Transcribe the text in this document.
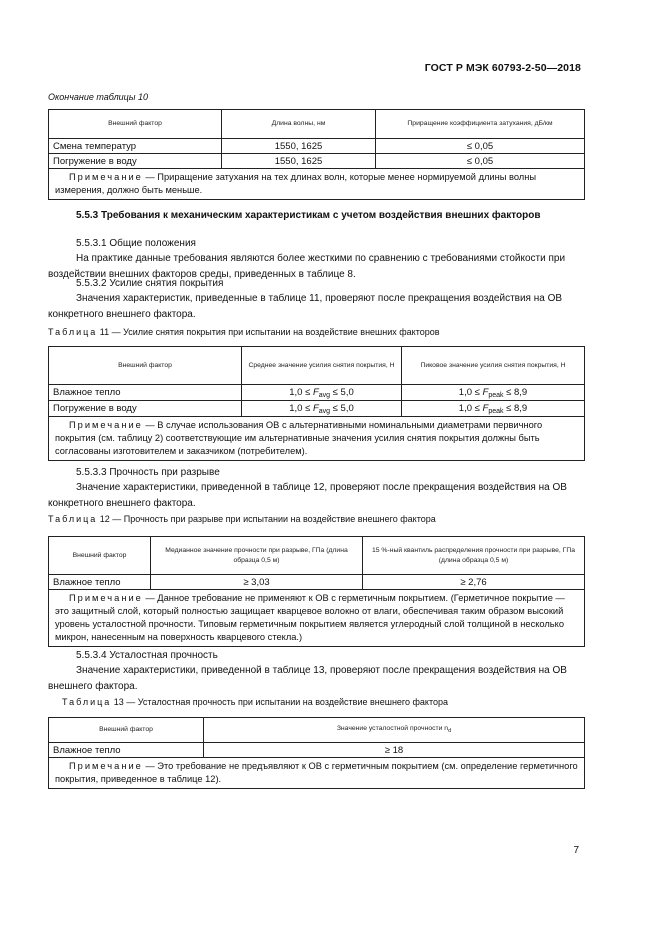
ГОСТ Р МЭК 60793-2-50—2018
Окончание таблицы 10
Внешний фактор	Длина волны, нм	Приращение коэффициента затухания, дБ/км
Смена температур	1550, 1625	≤ 0,05
Погружение в воду	1550, 1625	≤ 0,05
Примечание — Приращение затухания на тех длинах волн, которые менее нормируемой длины волны измерения, должно быть меньше.		
5.5.3 Требования к механическим характеристикам с учетом воздействия внешних факторов
5.5.3.1 Общие положения
На практике данные требования являются более жесткими по сравнению с требованиями стойкости при воздействии внешних факторов среды, приведенных в таблице 8.
5.5.3.2 Усилие снятия покрытия
Значения характеристик, приведенные в таблице 11, проверяют после прекращения воздействия на ОВ конкретного внешнего фактора.
Таблица 11 — Усилие снятия покрытия при испытании на воздействие внешних факторов
Внешний фактор	Среднее значение усилия снятия покрытия, Н	Пиковое значение усилия снятия покрытия, Н
Влажное тепло	$1,0 \le F_{avg} \le 5,0$	$1,0 \le F_{peak} \le 8,9$
Погружение в воду	$1,0 \le F_{avg} \le 5,0$	$1,0 \le F_{peak} \le 8,9$
Примечание — В случае использования ОВ с альтернативными номинальными диаметрами первичного покрытия (см. таблицу 2) соответствующие им альтернативные значения усилия снятия покрытия должны быть согласованы изготовителем и заказчиком (потребителем).		
5.5.3.3 Прочность при разрыве
Значение характеристики, приведенной в таблице 12, проверяют после прекращения воздействия на ОВ конкретного внешнего фактора.
Таблица 12 — Прочность при разрыве при испытании на воздействие внешнего фактора
Внешний фактор	Медианное значение прочности при разрыве, ГПа (длина образца 0,5 м)	15 %-ный квантиль распределения прочности при разрыве, ГПа (длина образца 0,5 м)
Влажное тепло	≥ 3,03	≥ 2,76
Примечание — Данное требование не применяют к ОВ с герметичным покрытием. (Герметичное покрытие — это защитный слой, который полностью защищает кварцевое волокно от влаги, обеспечивая таким образом высокий уровень усталостной прочности. Типовым герметичным покрытием является углеродный слой толщиной в несколько микрон, нанесенным на поверхность кварцевого стекла.)		
5.5.3.4 Усталостная прочность
Значение характеристики, приведенной в таблице 13, проверяют после прекращения воздействия на ОВ внешнего фактора.
Таблица 13 — Усталостная прочность при испытании на воздействие внешнего фактора
Внешний фактор	Значение усталостной прочности $n_d$
Влажное тепло	≥ 18
Примечание — Это требование не предъявляют к ОВ с герметичным покрытием (см. определение герметичного покрытия, приведенное в таблице 12).	
7
